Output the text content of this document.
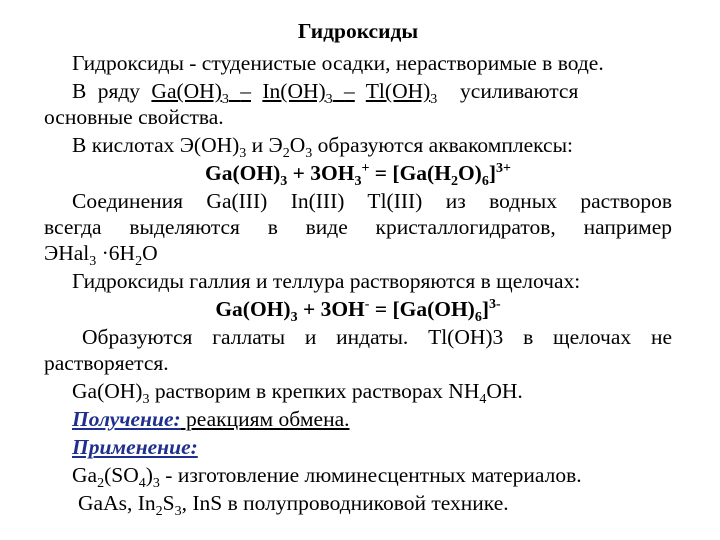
Гидроксиды
Гидроксиды - студенистые осадки, нерастворимые в воде.
В ряду $Ga(OH)_3 - In(OH)_3 - Tl(OH)_3$ усиливаются
основные свойства.
В кислотах $Э(OH)_3$ и $Э_2O_3$ образуются аквакомплексы:
$Ga(OH)_3 + 3OH_3^+ = [Ga(H_2O)_6]^{3+}$
Соединения Ga(III) In(III) Tl(III) из водных растворов
всегда выделяются в виде кристаллогидратов, например
ЭHal$_3$ $\cdot 6H_2O$
Гидроксиды галлия и теллура растворяются в щелочах:
$Ga(OH)_3 + 3OH^- = [Ga(OH)_6]^{3-}$
Образуются галлаты и индаты. Tl(OH)3 в щелочах не
растворяется.
$Ga(OH)_3$ растворим в крепких растворах $NH_4OH$.
Получение: реакциям обмена.
Применение:
$Ga_2(SO_4)_3$ - изготовление люминесцентных материалов.
GaAs, $In_2S_3$, InS в полупроводниковой технике.
